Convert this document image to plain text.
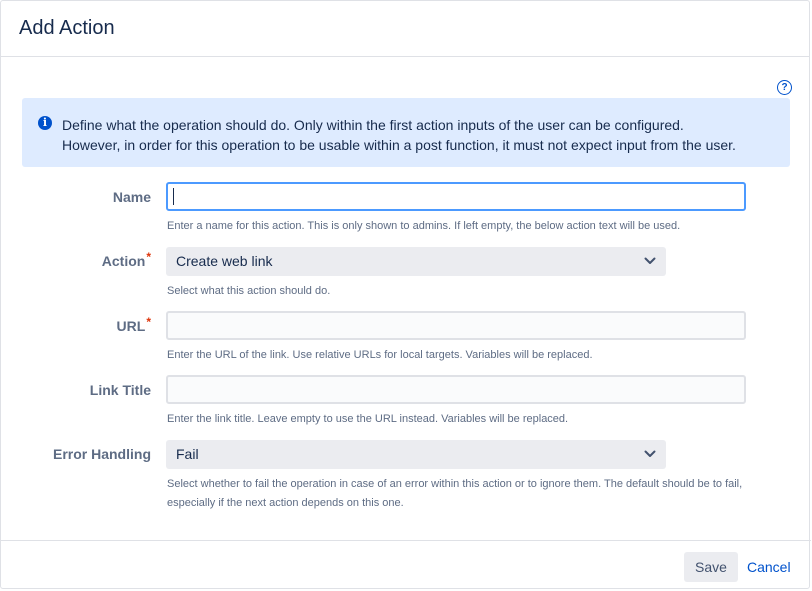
Add Action
?
i	Define what the operation should do. Only within the first action inputs of the user can be configured.
However, in order for this operation to be usable within a post function, it must not expect input from the user.
Name
Enter a name for this action. This is only shown to admins. If left empty, the below action text will be used.
Action*	Create web link
Select what this action should do.
URL*
Enter the URL of the link. Use relative URLs for local targets. Variables will be replaced.
Link Title
Enter the link title. Leave empty to use the URL instead. Variables will be replaced.
Error Handling	Fail
Select whether to fail the operation in case of an error within this action or to ignore them. The default should be to fail,
especially if the next action depends on this one.
Save	Cancel
